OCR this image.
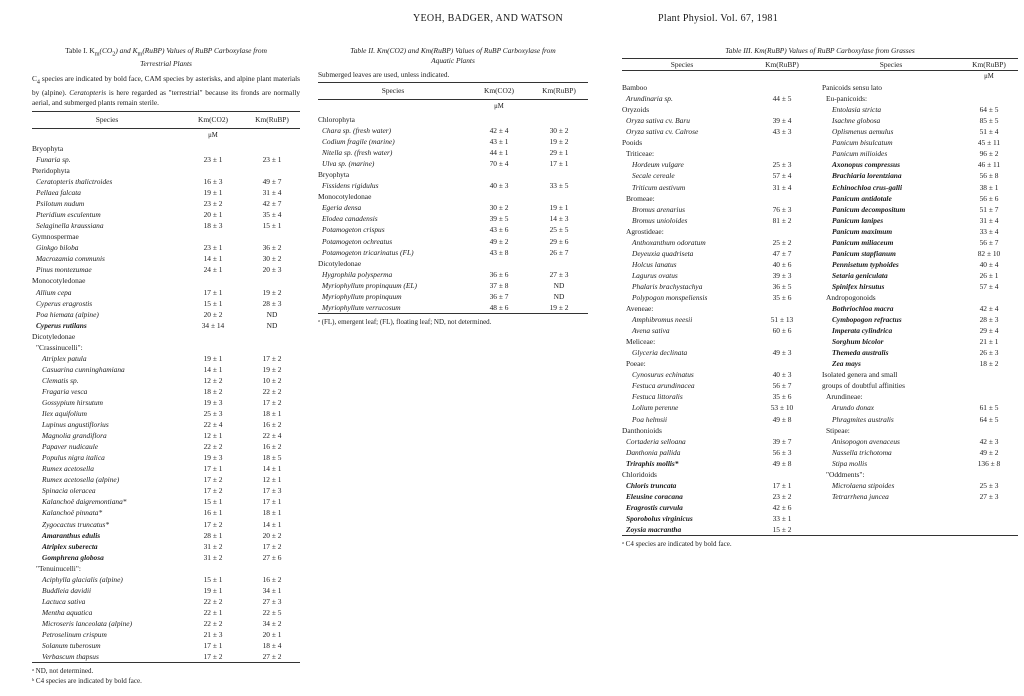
YEOH, BADGER, AND WATSON	Plant Physiol. Vol. 67, 1981
Table I. $K_m(CO_2)$ and $K_m(RuBP)$ Values of RuBP Carboxylase from
Terrestrial Plants
$C_4$ species are indicated by bold face, CAM species by asterisks, and alpine plant materials by (alpine). Ceratopteris is here regarded as "terrestrial" because its fronds are normally aerial, and submerged plants remain sterile.
Species	Km(CO2)	Km(RuBP)
	μM	
Bryophyta		
Funaria sp.	23 ± 1	23 ± 1
Pteridophyta		
Ceratopteris thalictroides	16 ± 3	49 ± 7
Pellaea falcata	19 ± 1	31 ± 4
Psilotum nudum	23 ± 2	42 ± 7
Pteridium esculentum	20 ± 1	35 ± 4
Selaginella kraussiana	18 ± 3	15 ± 1
Gymnospermae		
Ginkgo biloba	23 ± 1	36 ± 2
Macrozamia communis	14 ± 1	30 ± 2
Pinus montezumae	24 ± 1	20 ± 3
Monocotyledonae		
Allium cepa	17 ± 1	19 ± 2
Cyperus eragrostis	15 ± 1	28 ± 3
Poa hiemata (alpine)	20 ± 2	ND
Cyperus rutilans	34 ± 14	ND
Dicotyledonae		
"Crassinucelli":		
Atriplex patula	19 ± 1	17 ± 2
Casuarina cunninghamiana	14 ± 1	19 ± 2
Clematis sp.	12 ± 2	10 ± 2
Fragaria vesca	18 ± 2	22 ± 2
Gossypium hirsutum	19 ± 3	17 ± 2
Ilex aquifolium	25 ± 3	18 ± 1
Lupinus angustiflorius	22 ± 4	16 ± 2
Magnolia grandiflora	12 ± 1	22 ± 4
Papaver nudicaule	22 ± 2	16 ± 2
Populus nigra italica	19 ± 3	18 ± 5
Rumex acetosella	17 ± 1	14 ± 1
Rumex acetosella (alpine)	17 ± 2	12 ± 1
Spinacia oleracea	17 ± 2	17 ± 3
Kalanchoë daigremontiana*	15 ± 1	17 ± 1
Kalanchoë pinnata*	16 ± 1	18 ± 1
Zygocactus truncatus*	17 ± 2	14 ± 1
Amaranthus edulis	28 ± 1	20 ± 2
Atriplex suberecta	31 ± 2	17 ± 2
Gomphrena globosa	31 ± 2	27 ± 6
"Tenuinucelli":		
Aciphylla glacialis (alpine)	15 ± 1	16 ± 2
Buddleia davidii	19 ± 1	34 ± 1
Lactuca sativa	22 ± 2	27 ± 3
Mentha aquatica	22 ± 1	22 ± 5
Microseris lanceolata (alpine)	22 ± 2	34 ± 2
Petroselinum crispum	21 ± 3	20 ± 1
Solanum tuberosum	17 ± 1	18 ± 4
Verbascum thapsus	17 ± 2	27 ± 2
ᵃ ND, not determined.
ᵇ C4 species are indicated by bold face.
Table II. Km(CO2) and Km(RuBP) Values of RuBP Carboxylase from
Aquatic Plants
Submerged leaves are used, unless indicated.
Species	Km(CO2)	Km(RuBP)
	μM	
Chlorophyta		
Chara sp. (fresh water)	42 ± 4	30 ± 2
Codium fragile (marine)	43 ± 1	19 ± 2
Nitella sp. (fresh water)	44 ± 1	29 ± 1
Ulva sp. (marine)	70 ± 4	17 ± 1
Bryophyta		
Fissidens rigidulus	40 ± 3	33 ± 5
Monocotyledonae		
Egeria densa	30 ± 2	19 ± 1
Elodea canadensis	39 ± 5	14 ± 3
Potamogeton crispus	43 ± 6	25 ± 5
Potamogeton ochreatus	49 ± 2	29 ± 6
Potamogeton tricarinatus (FL)	43 ± 8	26 ± 7
Dicotyledonae		
Hygrophila polysperma	36 ± 6	27 ± 3
Myriophyllum propinquum (EL)	37 ± 8	ND
Myriophyllum propinquum	36 ± 7	ND
Myriophyllum verrucosum	48 ± 6	19 ± 2
ᵃ (FL), emergent leaf; (FL), floating leaf; ND, not determined.
Table III. Km(RuBP) Values of RuBP Carboxylase from Grasses
Species	Km(RuBP)	Species	Km(RuBP)
			μM
Bamboo		Panicoids sensu lato	
Arundinaria sp.	44 ± 5	Eu-panicoids:	
Oryzoids		Entolasia stricta	64 ± 5
Oryza sativa cv. Baru	39 ± 4	Isachne globosa	85 ± 5
Oryza sativa cv. Calrose	43 ± 3	Oplismenus aemulus	51 ± 4
Pooids		Panicum bisulcatum	45 ± 11
Triticeae:		Panicum milioides	96 ± 2
Hordeum vulgare	25 ± 3	Axonopus compressus	46 ± 11
Secale cereale	57 ± 4	Brachiaria lorentziana	56 ± 8
Triticum aestivum	31 ± 4	Echinochloa crus-galli	38 ± 1
Bromeae:		Panicum antidotale	56 ± 6
Bromus arenarius	76 ± 3	Panicum decompositum	51 ± 7
Bromus unioloides	81 ± 2	Panicum lanipes	31 ± 4
Agrostideae:		Panicum maximum	33 ± 4
Anthoxanthum odoratum	25 ± 2	Panicum miliaceum	56 ± 7
Deyeuxia quadriseta	47 ± 7	Panicum stapfianum	82 ± 10
Holcus lanatus	40 ± 6	Pennisetum typhoides	40 ± 4
Lagurus ovatus	39 ± 3	Setaria geniculata	26 ± 1
Phalaris brachystachya	36 ± 5	Spinifex hirsutus	57 ± 4
Polypogon monspeliensis	35 ± 6	Andropogonoids	
Aveneae:		Bothriochloa macra	42 ± 4
Amphibromus neesii	51 ± 13	Cymbopogon refractus	28 ± 3
Avena sativa	60 ± 6	Imperata cylindrica	29 ± 4
Meliceae:		Sorghum bicolor	21 ± 1
Glyceria declinata	49 ± 3	Themeda australis	26 ± 3
Poeae:		Zea mays	18 ± 2
Cynosurus echinatus	40 ± 3	Isolated genera and small	
Festuca arundinacea	56 ± 7	groups of doubtful affinities	
Festuca littoralis	35 ± 6	Arundineae:	
Lolium perenne	53 ± 10	Arundo donax	61 ± 5
Poa helmsii	49 ± 8	Phragmites australis	64 ± 5
Danthonioids		Stipeae:	
Cortaderia selloana	39 ± 7	Anisopogon avenaceus	42 ± 3
Danthonia pallida	56 ± 3	Nassella trichotoma	49 ± 2
Triraphis mollis*	49 ± 8	Stipa mollis	136 ± 8
Chloridoids		"Oddments":	
Chloris truncata	17 ± 1	Microlaena stipoides	25 ± 3
Eleusine coracana	23 ± 2	Tetrarrhena juncea	27 ± 3
Eragrostis curvula	42 ± 6		
Sporobolus virginicus	33 ± 1		
Zoysia macrantha	15 ± 2		
ᵃ C4 species are indicated by bold face.
